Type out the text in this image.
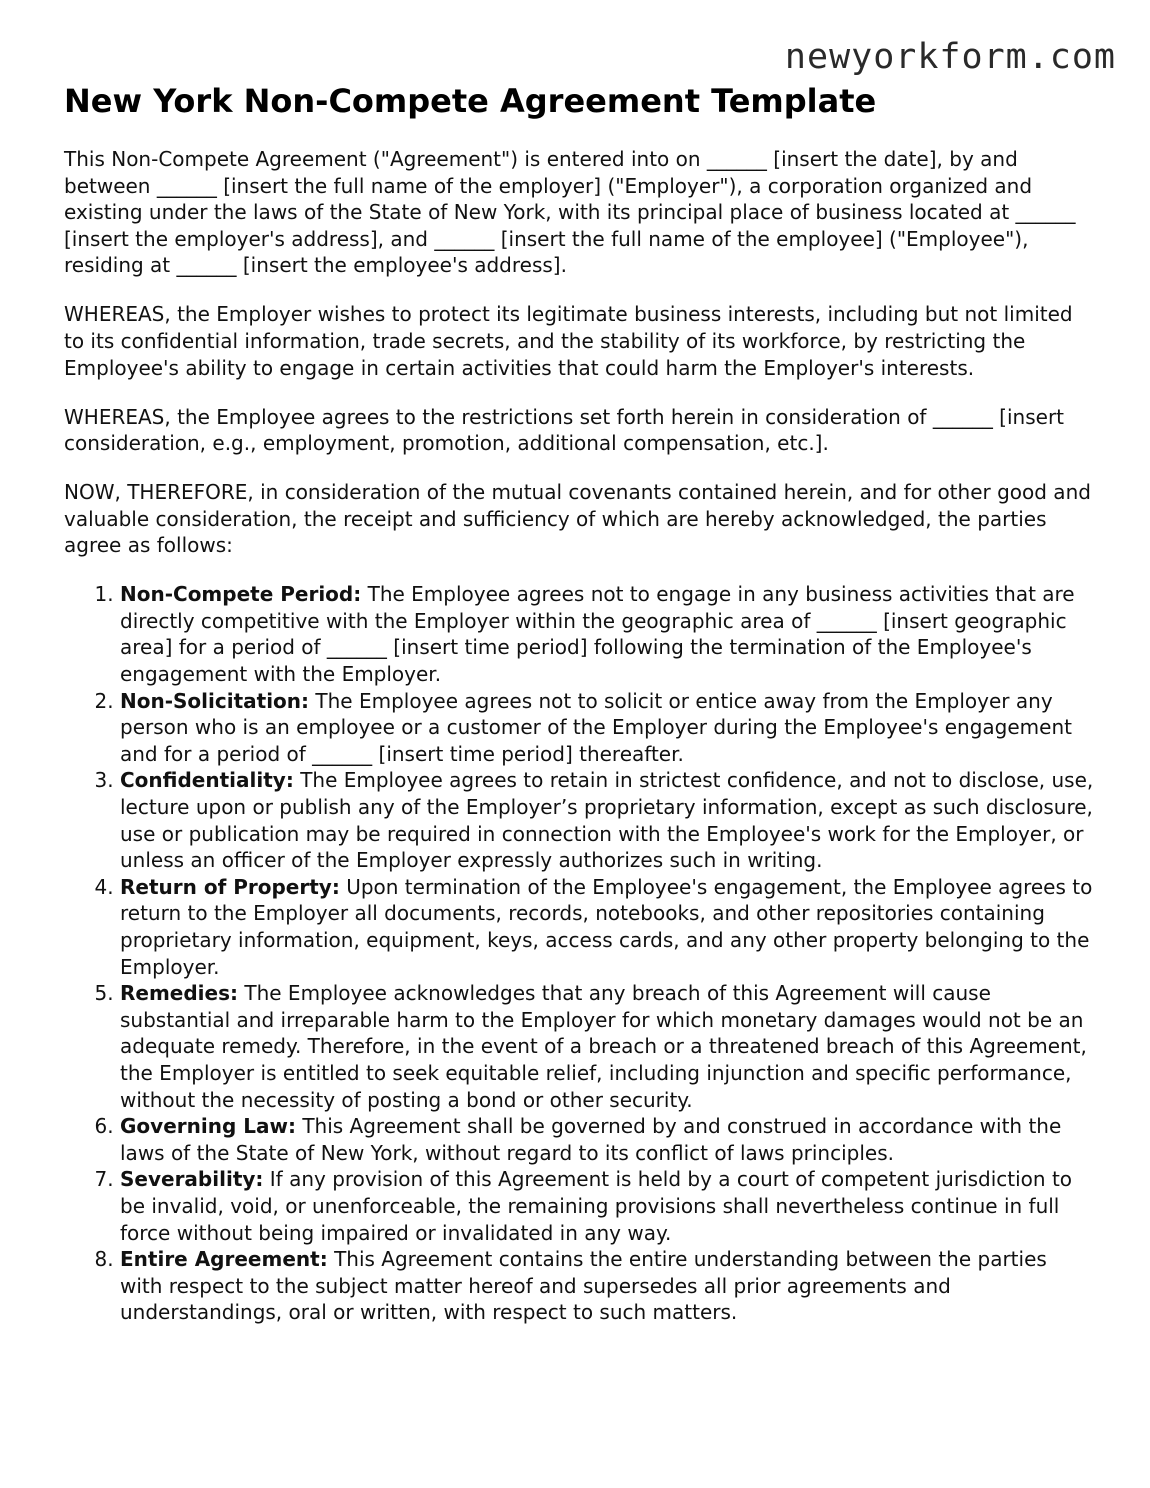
newyorkform.com
New York Non-Compete Agreement Template

This Non-Compete Agreement ("Agreement") is entered into on ______ [insert the date], by and between ______ [insert the full name of the employer] ("Employer"), a corporation organized and existing under the laws of the State of New York, with its principal place of business located at ______ [insert the employer's address], and ______ [insert the full name of the employee] ("Employee"), residing at ______ [insert the employee's address].

WHEREAS, the Employer wishes to protect its legitimate business interests, including but not limited to its confidential information, trade secrets, and the stability of its workforce, by restricting the Employee's ability to engage in certain activities that could harm the Employer's interests.

WHEREAS, the Employee agrees to the restrictions set forth herein in consideration of ______ [insert consideration, e.g., employment, promotion, additional compensation, etc.].

NOW, THEREFORE, in consideration of the mutual covenants contained herein, and for other good and valuable consideration, the receipt and sufficiency of which are hereby acknowledged, the parties agree as follows:

1. Non-Compete Period: The Employee agrees not to engage in any business activities that are directly competitive with the Employer within the geographic area of ______ [insert geographic area] for a period of ______ [insert time period] following the termination of the Employee's engagement with the Employer.
2. Non-Solicitation: The Employee agrees not to solicit or entice away from the Employer any person who is an employee or a customer of the Employer during the Employee's engagement and for a period of ______ [insert time period] thereafter.
3. Confidentiality: The Employee agrees to retain in strictest confidence, and not to disclose, use, lecture upon or publish any of the Employer’s proprietary information, except as such disclosure, use or publication may be required in connection with the Employee's work for the Employer, or unless an officer of the Employer expressly authorizes such in writing.
4. Return of Property: Upon termination of the Employee's engagement, the Employee agrees to return to the Employer all documents, records, notebooks, and other repositories containing proprietary information, equipment, keys, access cards, and any other property belonging to the Employer.
5. Remedies: The Employee acknowledges that any breach of this Agreement will cause substantial and irreparable harm to the Employer for which monetary damages would not be an adequate remedy. Therefore, in the event of a breach or a threatened breach of this Agreement, the Employer is entitled to seek equitable relief, including injunction and specific performance, without the necessity of posting a bond or other security.
6. Governing Law: This Agreement shall be governed by and construed in accordance with the laws of the State of New York, without regard to its conflict of laws principles.
7. Severability: If any provision of this Agreement is held by a court of competent jurisdiction to be invalid, void, or unenforceable, the remaining provisions shall nevertheless continue in full force without being impaired or invalidated in any way.
8. Entire Agreement: This Agreement contains the entire understanding between the parties with respect to the subject matter hereof and supersedes all prior agreements and understandings, oral or written, with respect to such matters.
